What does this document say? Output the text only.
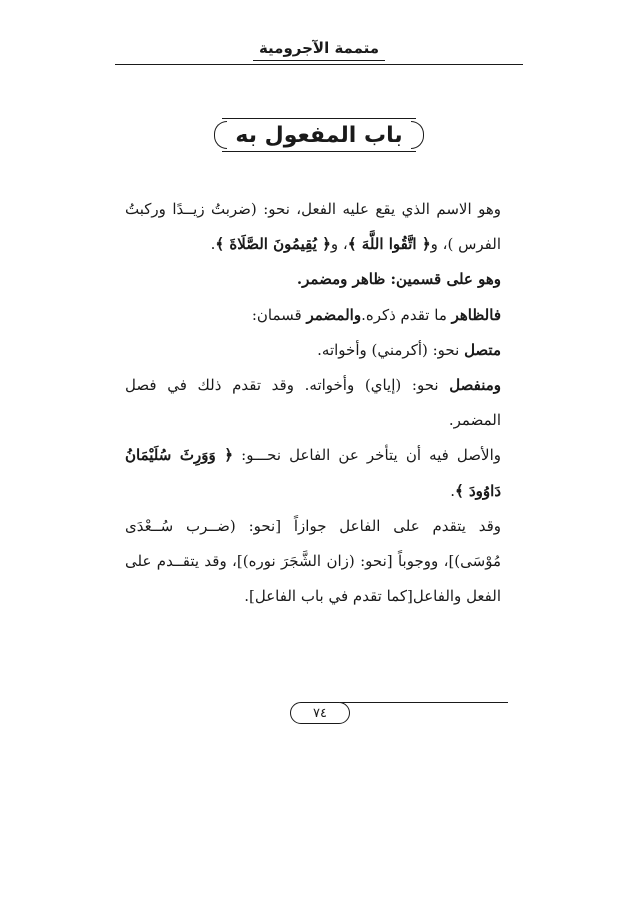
متممة الآجرومية
باب المفعول به

وهو الاسم الذي يقع عليه الفعل، نحو: (ضربتُ زيــدًا وركبتُ الفرس )، و﴿ اتَّقُوا اللَّهَ ﴾، و﴿ يُقِيمُونَ الصَّلَاةَ ﴾.

وهو على قسمين: ظاهر ومضمر.

فالظاهر ما تقدم ذكره.والمضمر قسمان:

متصل نحو: (أكرمني) وأخواته.

ومنفصل نحو: (إياي) وأخواته. وقد تقدم ذلك في فصل المضمر.

والأصل فيه أن يتأخر عن الفاعل نحـــو: ﴿ وَوَرِثَ سُلَيْمَانُ دَاوُودَ ﴾.

وقد يتقدم على الفاعل جوازاً [نحو: (ضــرب سُــعْدَى مُوْسَى)]، ووجوباً [نحو: (زان الشَّجَرَ نوره)]، وقد يتقــدم على الفعل والفاعل[كما تقدم في باب الفاعل].

٧٤
